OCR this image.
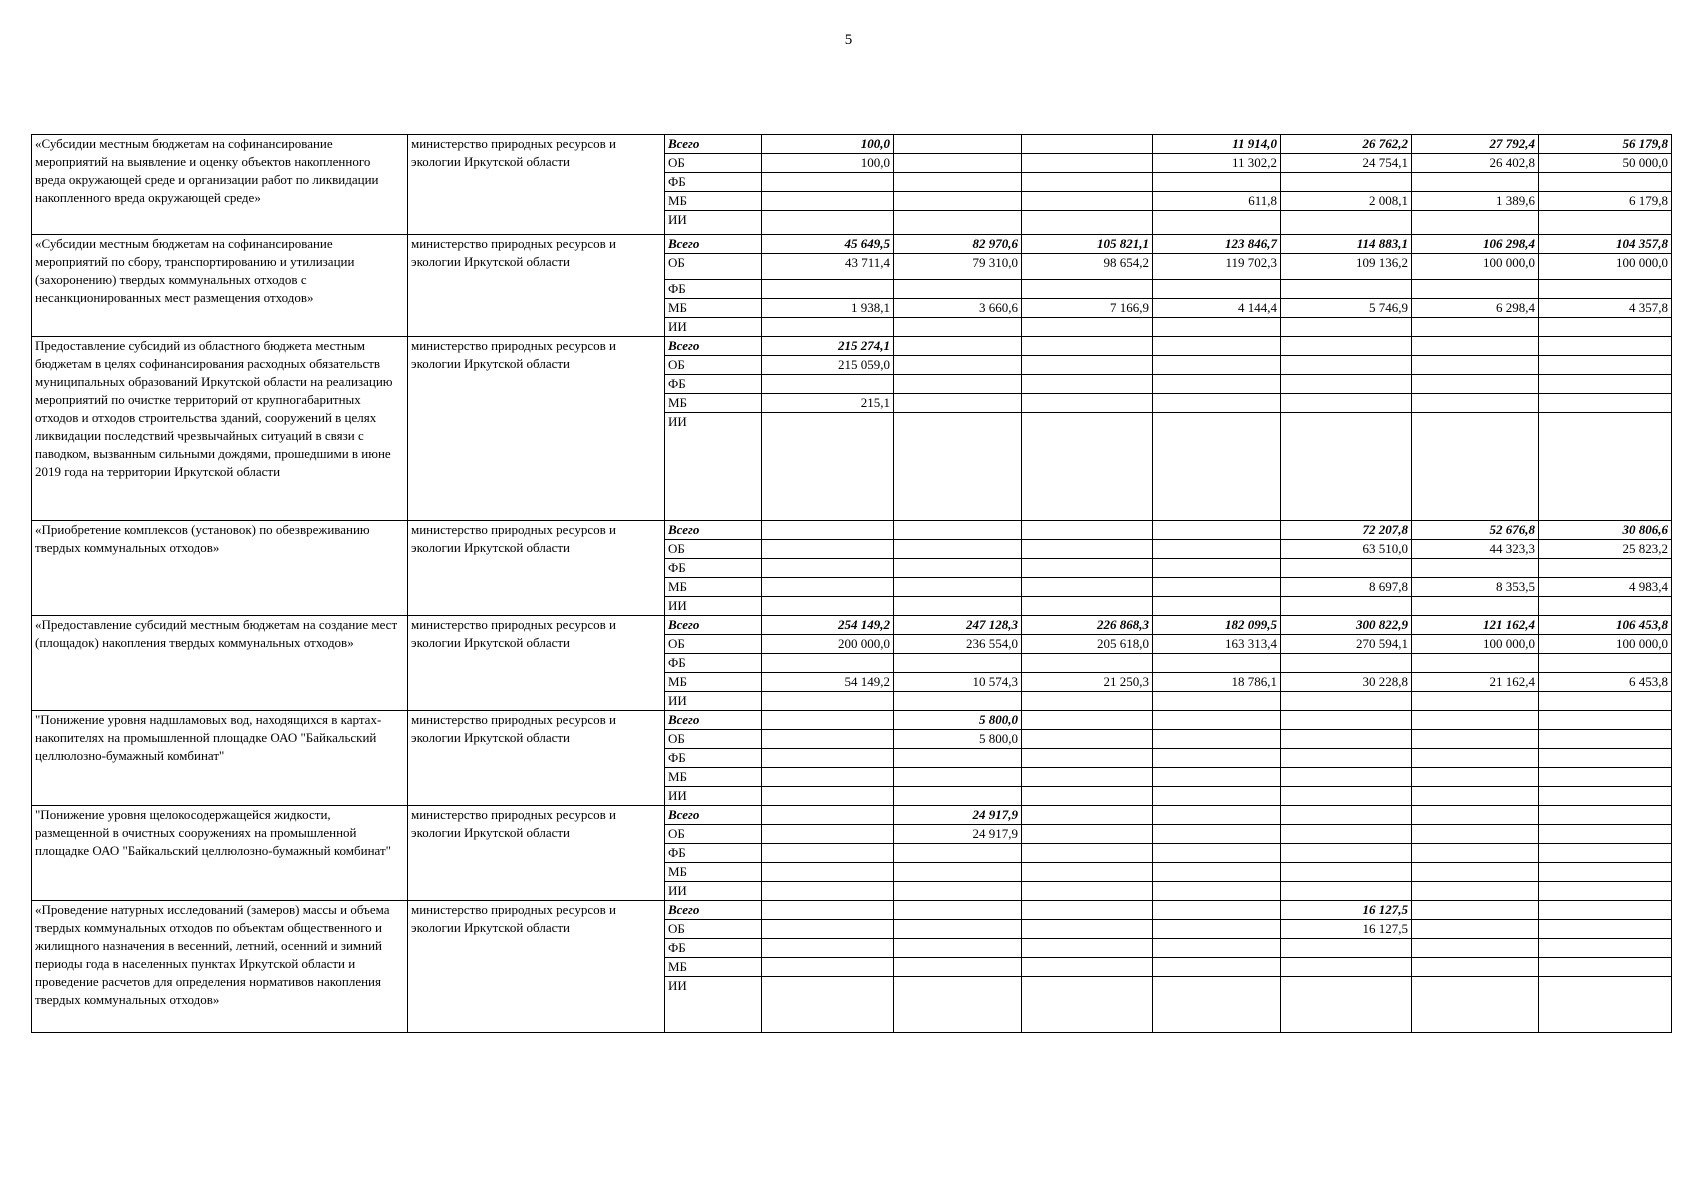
5
«Субсидии местным бюджетам на софинансирование мероприятий на выявление и оценку объектов накопленного вреда окружающей среде и организации работ по ликвидации накопленного вреда окружающей среде»	министерство природных ресурсов и экологии Иркутской области	Всего	100,0			11 914,0	26 762,2	27 792,4	56 179,8
		ОБ	100,0			11 302,2	24 754,1	26 402,8	50 000,0
		ФБ							
		МБ				611,8	2 008,1	1 389,6	6 179,8
		ИИ							
«Субсидии местным бюджетам на софинансирование мероприятий по сбору, транспортированию и утилизации (захоронению) твердых коммунальных отходов с несанкционированных мест размещения отходов»	министерство природных ресурсов и экологии Иркутской области	Всего	45 649,5	82 970,6	105 821,1	123 846,7	114 883,1	106 298,4	104 357,8
		ОБ	43 711,4	79 310,0	98 654,2	119 702,3	109 136,2	100 000,0	100 000,0
		ФБ							
		МБ	1 938,1	3 660,6	7 166,9	4 144,4	5 746,9	6 298,4	4 357,8
		ИИ							
Предоставление субсидий из областного бюджета местным бюджетам в целях софинансирования расходных обязательств муниципальных образований Иркутской области на реализацию мероприятий по очистке территорий от крупногабаритных отходов и отходов строительства зданий, сооружений в целях ликвидации последствий чрезвычайных ситуаций в связи с паводком, вызванным сильными дождями, прошедшими в июне 2019 года на территории Иркутской области	министерство природных ресурсов и экологии Иркутской области	Всего	215 274,1						
		ОБ	215 059,0						
		ФБ							
		МБ	215,1						
		ИИ							
«Приобретение комплексов (установок) по обезвреживанию твердых коммунальных отходов»	министерство природных ресурсов и экологии Иркутской области	Всего					72 207,8	52 676,8	30 806,6
		ОБ					63 510,0	44 323,3	25 823,2
		ФБ							
		МБ					8 697,8	8 353,5	4 983,4
		ИИ							
«Предоставление субсидий местным бюджетам на создание мест (площадок) накопления твердых коммунальных отходов»	министерство природных ресурсов и экологии Иркутской области	Всего	254 149,2	247 128,3	226 868,3	182 099,5	300 822,9	121 162,4	106 453,8
		ОБ	200 000,0	236 554,0	205 618,0	163 313,4	270 594,1	100 000,0	100 000,0
		ФБ							
		МБ	54 149,2	10 574,3	21 250,3	18 786,1	30 228,8	21 162,4	6 453,8
		ИИ							
"Понижение уровня надшламовых вод, находящихся в картах-накопителях на промышленной площадке ОАО "Байкальский целлюлозно-бумажный комбинат"	министерство природных ресурсов и экологии Иркутской области	Всего		5 800,0					
		ОБ		5 800,0					
		ФБ							
		МБ							
		ИИ							
"Понижение уровня щелокосодержащейся жидкости, размещенной в очистных сооружениях на промышленной площадке ОАО "Байкальский целлюлозно-бумажный комбинат"	министерство природных ресурсов и экологии Иркутской области	Всего		24 917,9					
		ОБ		24 917,9					
		ФБ							
		МБ							
		ИИ							
«Проведение натурных исследований (замеров) массы и объема твердых коммунальных отходов по объектам общественного и жилищного назначения в весенний, летний, осенний и зимний периоды года в населенных пунктах Иркутской области и проведение расчетов для определения нормативов накопления твердых коммунальных отходов»	министерство природных ресурсов и экологии Иркутской области	Всего					16 127,5		
		ОБ					16 127,5		
		ФБ							
		МБ							
		ИИ							
